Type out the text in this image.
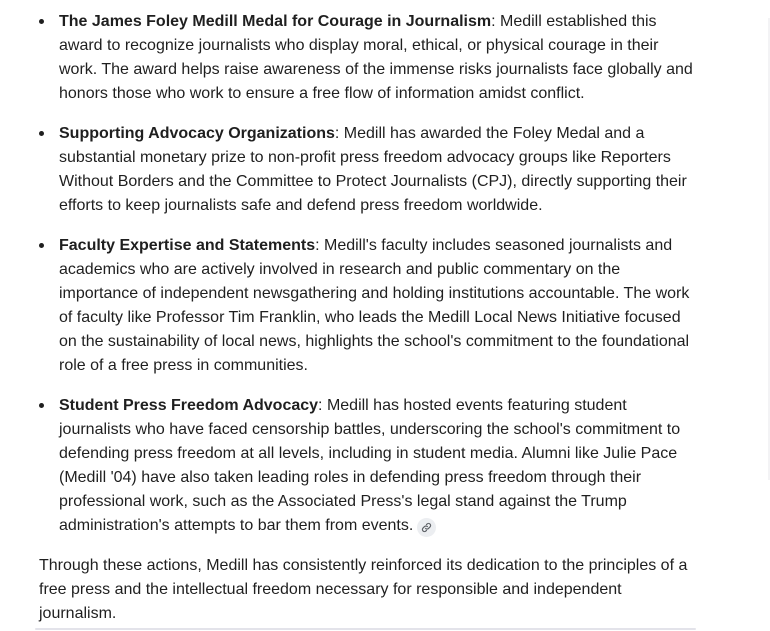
The James Foley Medill Medal for Courage in Journalism: Medill established this award to recognize journalists who display moral, ethical, or physical courage in their work. The award helps raise awareness of the immense risks journalists face globally and honors those who work to ensure a free flow of information amidst conflict.
Supporting Advocacy Organizations: Medill has awarded the Foley Medal and a substantial monetary prize to non-profit press freedom advocacy groups like Reporters Without Borders and the Committee to Protect Journalists (CPJ), directly supporting their efforts to keep journalists safe and defend press freedom worldwide.
Faculty Expertise and Statements: Medill's faculty includes seasoned journalists and academics who are actively involved in research and public commentary on the importance of independent newsgathering and holding institutions accountable. The work of faculty like Professor Tim Franklin, who leads the Medill Local News Initiative focused on the sustainability of local news, highlights the school's commitment to the foundational role of a free press in communities.
Student Press Freedom Advocacy: Medill has hosted events featuring student journalists who have faced censorship battles, underscoring the school's commitment to defending press freedom at all levels, including in student media. Alumni like Julie Pace (Medill '04) have also taken leading roles in defending press freedom through their professional work, such as the Associated Press's legal stand against the Trump administration's attempts to bar them from events.

Through these actions, Medill has consistently reinforced its dedication to the principles of a free press and the intellectual freedom necessary for responsible and independent journalism.
